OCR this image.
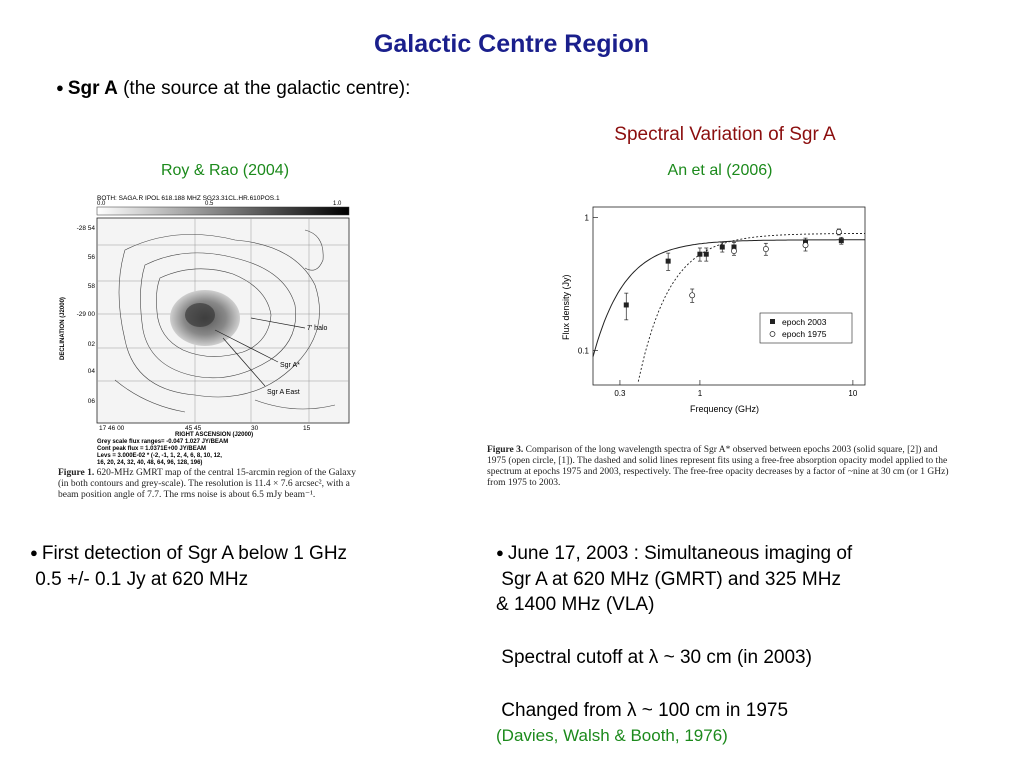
Galactic Centre Region
● Sgr A (the source at the galactic centre):
Spectral Variation of Sgr A
Roy & Rao (2004)	An et al (2006)
BOTH: SAGA.R IPOL 618.188 MHZ SG23.31CL.HR.610POS.1
0.0	0.5	1.0
7' halo
Sgr A*
Sgr A East
DECLINATION (J2000)
-28 54
56
58
-29 00
02
04
06
17 46 00	45 45	30	15
RIGHT ASCENSION (J2000)
Grey scale flux ranges= -0.047 1.027 JY/BEAM
Cont peak flux = 1.0371E+00 JY/BEAM
Levs = 3.000E-02 * (-2, -1, 1, 2, 4, 6, 8, 10, 12,
16, 20, 24, 32, 40, 48, 64, 96, 128, 196)
Figure 1. 620-MHz GMRT map of the central 15-arcmin region of the Galaxy (in both contours and grey-scale). The resolution is 11.4 × 7.6 arcsec², with a beam position angle of 7.7. The rms noise is about 6.5 mJy beam⁻¹.
0.1
1
0.3	1	10
Flux density (Jy)
Frequency (GHz)
epoch 2003
epoch 1975
Figure 3. Comparison of the long wavelength spectra of Sgr A* observed between epochs 2003 (solid square, [2]) and 1975 (open circle, [1]). The dashed and solid lines represent fits using a free-free absorption opacity model applied to the spectrum at epochs 1975 and 2003, respectively. The free-free opacity decreases by a factor of ~nine at 30 cm (or 1 GHz) from 1975 to 2003.
● First detection of Sgr A below 1 GHz
0.5 +/- 0.1 Jy at 620 MHz
● June 17, 2003 : Simultaneous imaging of
Sgr A at 620 MHz (GMRT) and 325 MHz
& 1400 MHz (VLA)
Spectral cutoff at λ ~ 30 cm (in 2003)
Changed from λ ~ 100 cm in 1975
(Davies, Walsh & Booth, 1976)
